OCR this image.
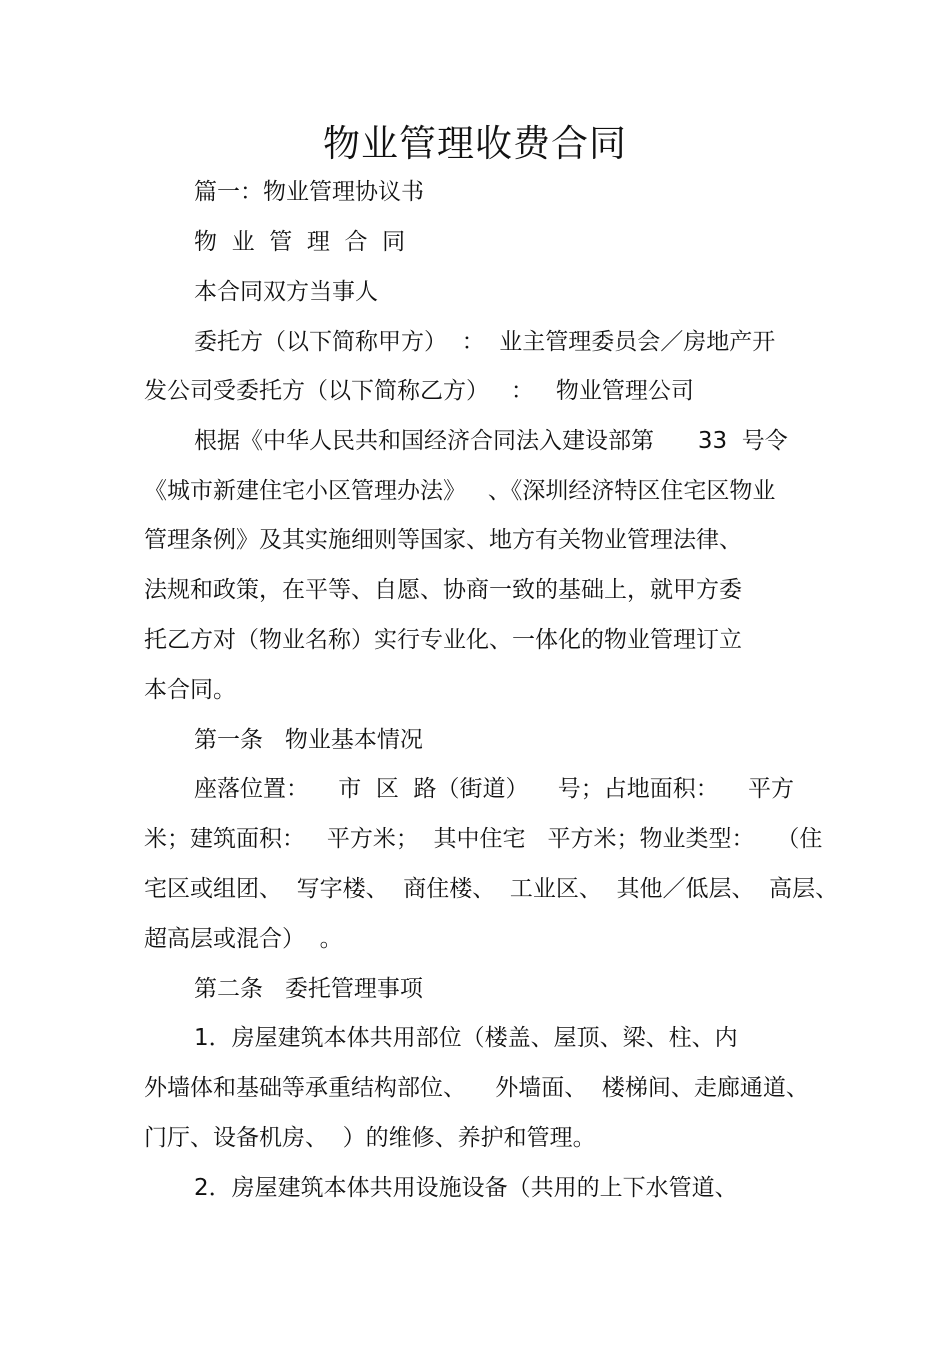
物业管理收费合同
篇一：物业管理协议书
物  业  管  理  合  同
本合同双方当事人
委托方（以下简称甲方）  ：  业主管理委员会／房地产开
发公司受委托方（以下简称乙方）   ：   物业管理公司
根据《中华人民共和国经济合同法入建设部第      33  号令
《城市新建住宅小区管理办法》   、《深圳经济特区住宅区物业
管理条例》及其实施细则等国家、地方有关物业管理法律、
法规和政策，在平等、自愿、协商一致的基础上，就甲方委
托乙方对（物业名称）实行专业化、一体化的物业管理订立
本合同。
第一条   物业基本情况
座落位置：    市  区  路（街道）    号；占地面积：    平方
米；建筑面积：   平方米；  其中住宅   平方米；物业类型：   （住
宅区或组团、  写字楼、  商住楼、  工业区、  其他／低层、  高层、
超高层或混合）  。
第二条   委托管理事项
1．房屋建筑本体共用部位（楼盖、屋顶、梁、柱、内
外墙体和基础等承重结构部位、    外墙面、  楼梯间、走廊通道、
门厅、设备机房、  ）的维修、养护和管理。
2．房屋建筑本体共用设施设备（共用的上下水管道、
